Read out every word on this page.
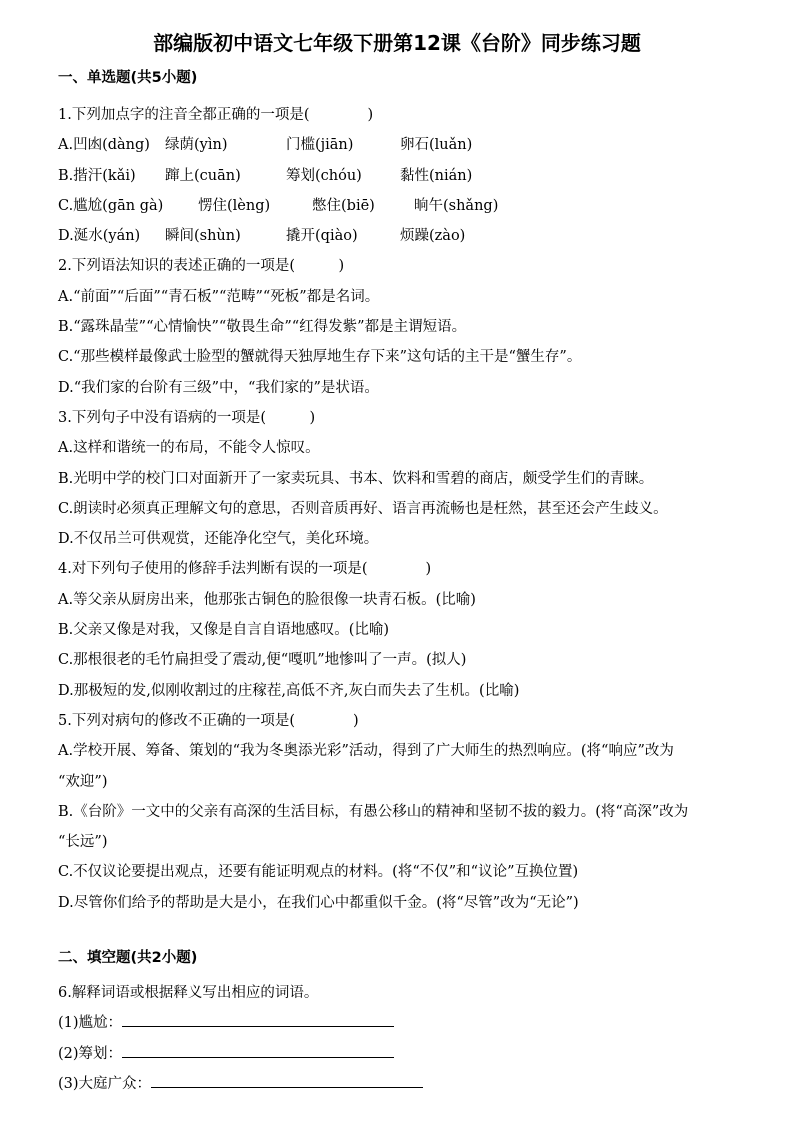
部编版初中语文七年级下册第12课《台阶》同步练习题
一、单选题(共5小题)
1.下列加点字的注音全都正确的一项是(　　　　)
A.凹凼(dàng) 绿荫(yìn)	门槛(jiān)	卵石(luǎn)
B.揩汗(kǎi) 蹿上(cuān)	筹划(chóu)	黏性(nián)
C.尴尬(gān gà) 愣住(lèng)	憋住(biē)	晌午(shǎng)
D.涎水(yán) 瞬间(shùn)	撬开(qiào)	烦躁(zào)
2.下列语法知识的表述正确的一项是(　　　)
A.“前面”“后面”“青石板”“范畴”“死板”都是名词。
B.“露珠晶莹”“心情愉快”“敬畏生命”“红得发紫”都是主谓短语。
C.“那些模样最像武士脸型的蟹就得天独厚地生存下来”这句话的主干是“蟹生存”。
D.“我们家的台阶有三级”中，“我们家的”是状语。
3.下列句子中没有语病的一项是(　　　)
A.这样和谐统一的布局，不能令人惊叹。
B.光明中学的校门口对面新开了一家卖玩具、书本、饮料和雪碧的商店，颇受学生们的青睐。
C.朗读时必须真正理解文句的意思，否则音质再好、语言再流畅也是枉然，甚至还会产生歧义。
D.不仅吊兰可供观赏，还能净化空气，美化环境。
4.对下列句子使用的修辞手法判断有误的一项是(　　　　)
A.等父亲从厨房出来，他那张古铜色的脸很像一块青石板。(比喻)
B.父亲又像是对我，又像是自言自语地感叹。(比喻)
C.那根很老的毛竹扁担受了震动,便“嘎叽”地惨叫了一声。(拟人)
D.那极短的发,似刚收割过的庄稼茬,高低不齐,灰白而失去了生机。(比喻)
5.下列对病句的修改不正确的一项是(　　　　)
A.学校开展、筹备、策划的“我为冬奥添光彩”活动，得到了广大师生的热烈响应。(将“响应”改为
“欢迎”)
B.《台阶》一文中的父亲有高深的生活目标，有愚公移山的精神和坚韧不拔的毅力。(将“高深”改为
“长远”)
C.不仅议论要提出观点，还要有能证明观点的材料。(将“不仅”和“议论”互换位置)
D.尽管你们给予的帮助是大是小，在我们心中都重似千金。(将“尽管”改为“无论”)
二、填空题(共2小题)
6.解释词语或根据释义写出相应的词语。
(1)尴尬：
(2)筹划：
(3)大庭广众：
